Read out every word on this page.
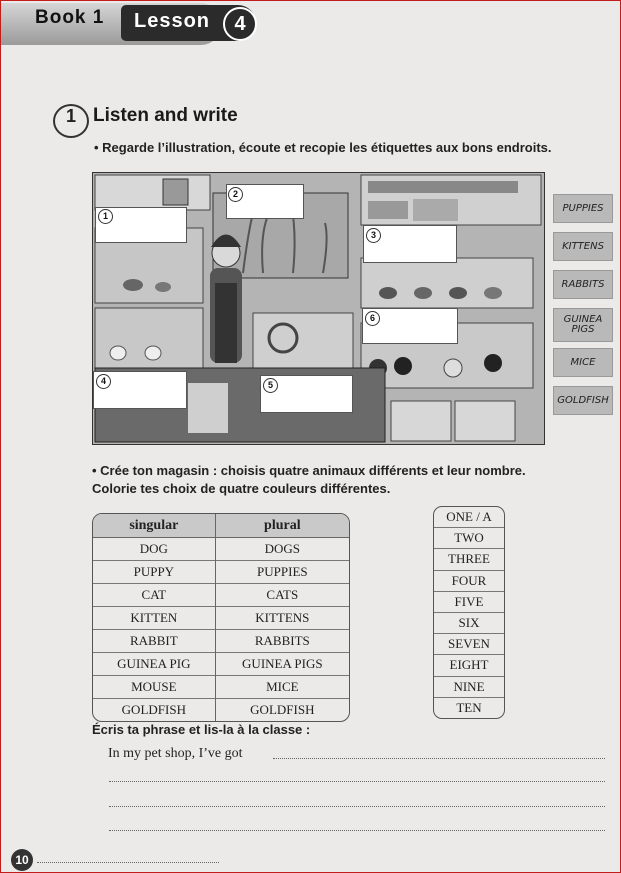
Book 1 Lesson	4
1 Listen and write
• Regarde l’illustration, écoute et recopie les étiquettes aux bons endroits.
1
2
3
4	5
6
PUPPIES
KITTENS
RABBITS
GUINEA PIGS
MICE
GOLDFISH
• Crée ton magasin : choisis quatre animaux différents et leur nombre.
Colorie tes choix de quatre couleurs différentes.
singular	plural
DOG	DOGS
PUPPY	PUPPIES
CAT	CATS
KITTEN	KITTENS
RABBIT	RABBITS
GUINEA PIG	GUINEA PIGS
MOUSE	MICE
GOLDFISH	GOLDFISH
ONE / A
TWO
THREE
FOUR
FIVE
SIX
SEVEN
EIGHT
NINE
TEN
Écris ta phrase et lis-la à la classe :
In my pet shop, I’ve got
10
